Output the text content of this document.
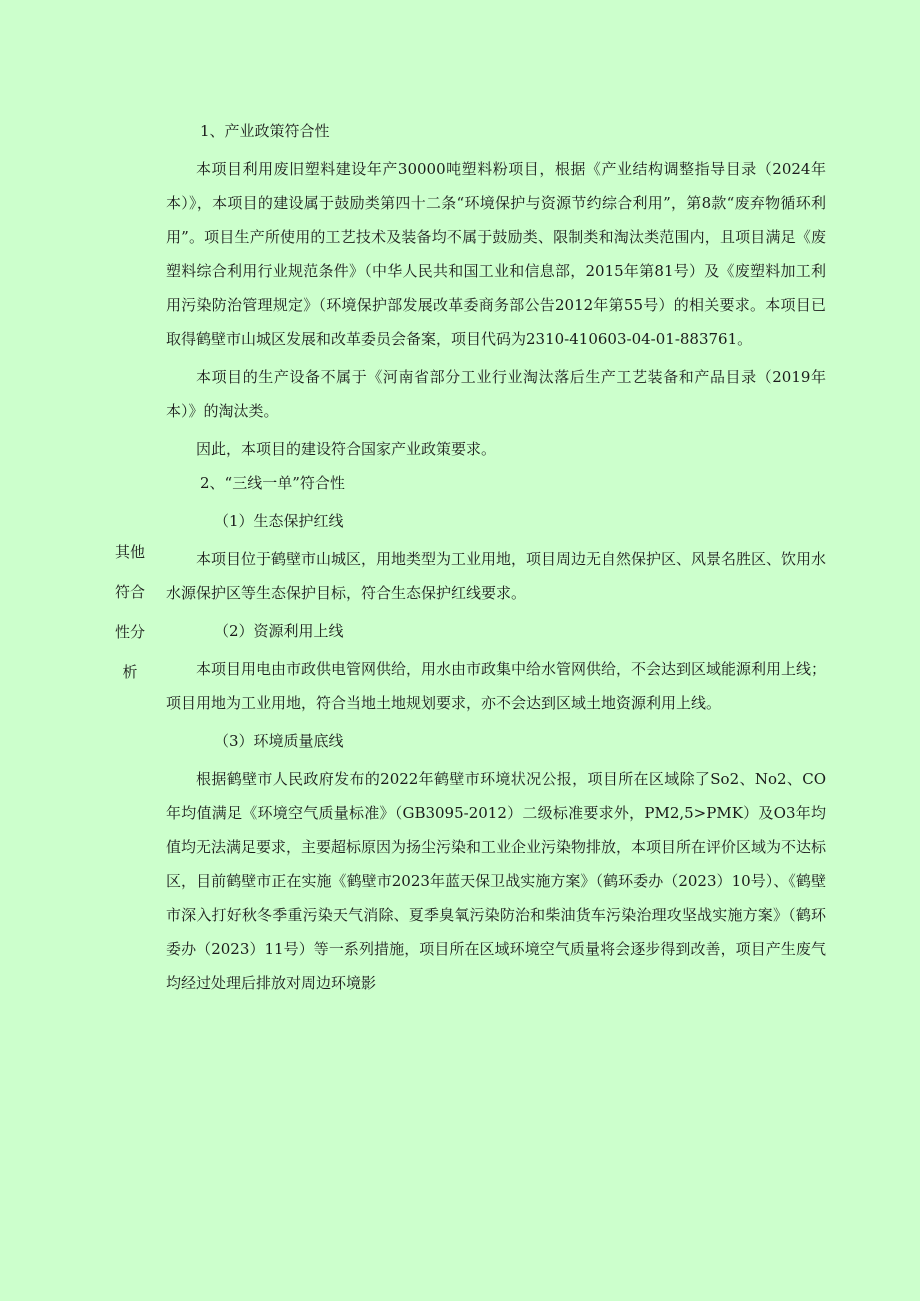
其他
符合
性分
析

1、产业政策符合性

本项目利用废旧塑料建设年产30000吨塑料粉项目，根据《产业结构调整指导目录（2024年本）》，本项目的建设属于鼓励类第四十二条“环境保护与资源节约综合利用”，第8款“废弃物循环利用”。项目生产所使用的工艺技术及装备均不属于鼓励类、限制类和淘汰类范围内，且项目满足《废塑料综合利用行业规范条件》（中华人民共和国工业和信息部，2015年第81号）及《废塑料加工利用污染防治管理规定》（环境保护部发展改革委商务部公告2012年第55号）的相关要求。本项目已取得鹤壁市山城区发展和改革委员会备案，项目代码为2310-410603-04-01-883761。

本项目的生产设备不属于《河南省部分工业行业淘汰落后生产工艺装备和产品目录（2019年本）》的淘汰类。

因此，本项目的建设符合国家产业政策要求。

2、“三线一单”符合性

（1）生态保护红线

本项目位于鹤壁市山城区，用地类型为工业用地，项目周边无自然保护区、风景名胜区、饮用水水源保护区等生态保护目标，符合生态保护红线要求。

（2）资源利用上线

本项目用电由市政供电管网供给，用水由市政集中给水管网供给，不会达到区域能源利用上线；项目用地为工业用地，符合当地土地规划要求，亦不会达到区域土地资源利用上线。

（3）环境质量底线

根据鹤壁市人民政府发布的2022年鹤壁市环境状况公报，项目所在区域除了So2、No2、CO年均值满足《环境空气质量标准》（GB3095-2012）二级标准要求外，PM2,5>PMK）及O3年均值均无法满足要求，主要超标原因为扬尘污染和工业企业污染物排放，本项目所在评价区域为不达标区，目前鹤壁市正在实施《鹤壁市2023年蓝天保卫战实施方案》（鹤环委办（2023）10号）、《鹤壁市深入打好秋冬季重污染天气消除、夏季臭氧污染防治和柴油货车污染治理攻坚战实施方案》（鹤环委办（2023）11号）等一系列措施，项目所在区域环境空气质量将会逐步得到改善，项目产生废气均经过处理后排放对周边环境影
